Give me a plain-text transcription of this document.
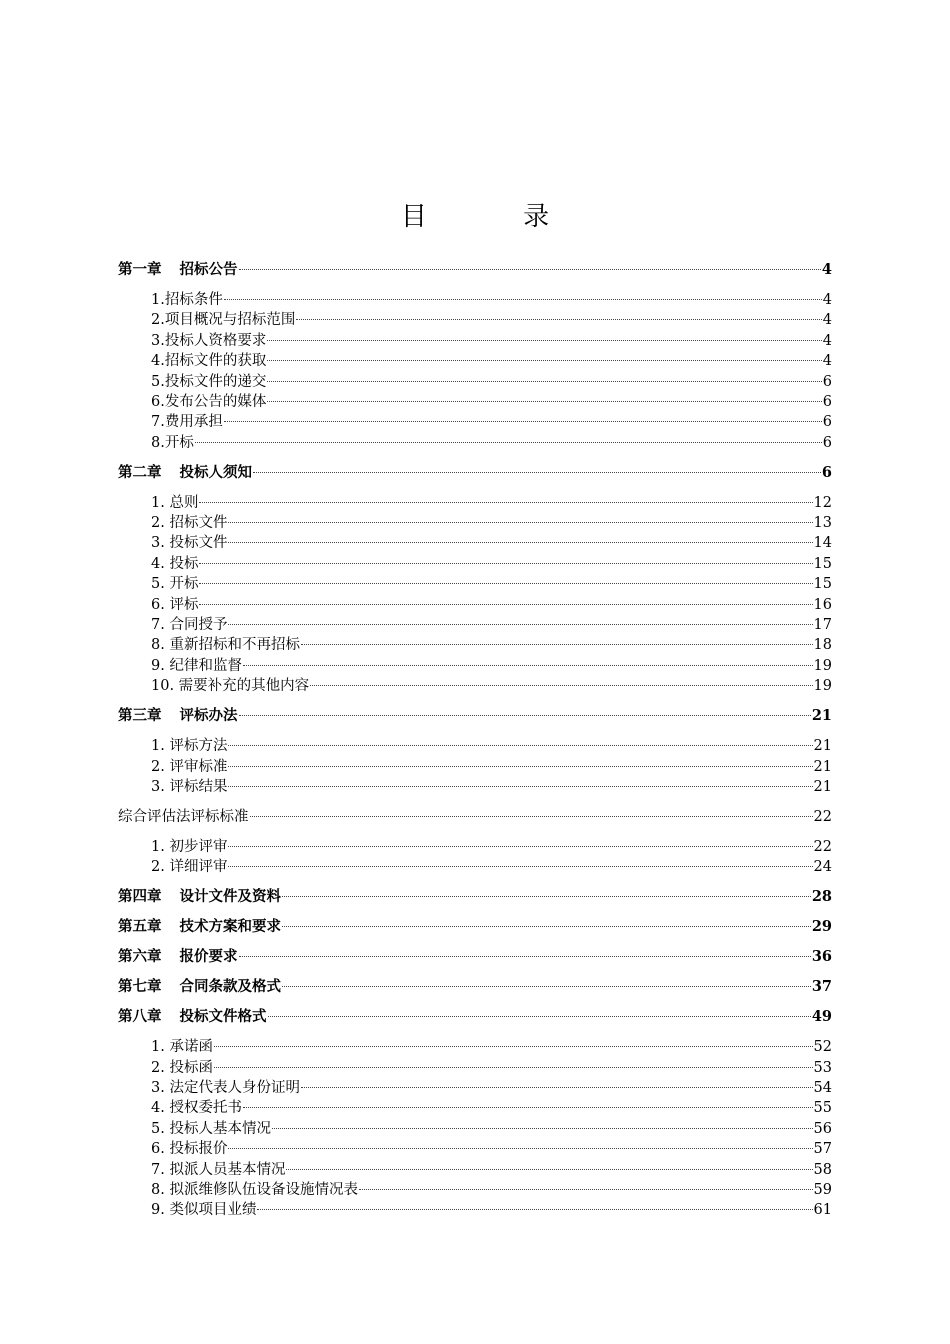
目 录
第一章 招标公告	4
1.招标条件	4
2.项目概况与招标范围	4
3.投标人资格要求	4
4.招标文件的获取	4
5.投标文件的递交	6
6.发布公告的媒体	6
7.费用承担	6
8.开标	6
第二章 投标人须知	6
1. 总则	12
2. 招标文件	13
3. 投标文件	14
4. 投标	15
5. 开标	15
6. 评标	16
7. 合同授予	17
8. 重新招标和不再招标	18
9. 纪律和监督	19
10. 需要补充的其他内容	19
第三章 评标办法	21
1. 评标方法	21
2. 评审标准	21
3. 评标结果	21
综合评估法评标标准	22
1. 初步评审	22
2. 详细评审	24
第四章 设计文件及资料	28
第五章 技术方案和要求	29
第六章 报价要求	36
第七章 合同条款及格式	37
第八章 投标文件格式	49
1. 承诺函	52
2. 投标函	53
3. 法定代表人身份证明	54
4. 授权委托书	55
5. 投标人基本情况	56
6. 投标报价	57
7. 拟派人员基本情况	58
8. 拟派维修队伍设备设施情况表	59
9. 类似项目业绩	61
